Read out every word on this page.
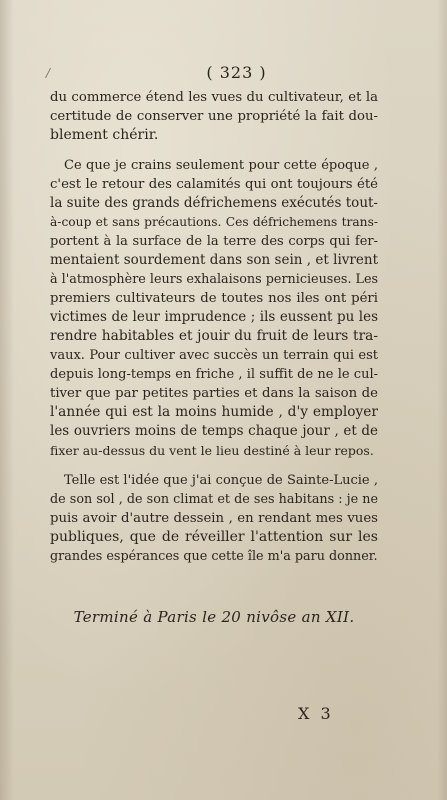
/	( 323 )
du commerce étend les vues du cultivateur, et la
certitude de conserver une propriété la fait dou-
blement chérir.
Ce que je crains seulement pour cette époque ,
c'est le retour des calamités qui ont toujours été
la suite des grands défrichemens exécutés tout-
à-coup et sans précautions. Ces défrichemens trans-
portent à la surface de la terre des corps qui fer-
mentaient sourdement dans son sein , et livrent
à l'atmosphère leurs exhalaisons pernicieuses. Les
premiers cultivateurs de toutes nos iles ont péri
victimes de leur imprudence ; ils eussent pu les
rendre habitables et jouir du fruit de leurs tra-
vaux. Pour cultiver avec succès un terrain qui est
depuis long-temps en friche , il suffit de ne le cul-
tiver que par petites parties et dans la saison de
l'année qui est la moins humide , d'y employer
les ouvriers moins de temps chaque jour , et de
fixer au-dessus du vent le lieu destiné à leur repos.
Telle est l'idée que j'ai conçue de Sainte-Lucie ,
de son sol , de son climat et de ses habitans : je ne
puis avoir d'autre dessein , en rendant mes vues
publiques, que de réveiller l'attention sur les
grandes espérances que cette île m'a paru donner.
Terminé à Paris le 20 nivôse an XII.
X 3
